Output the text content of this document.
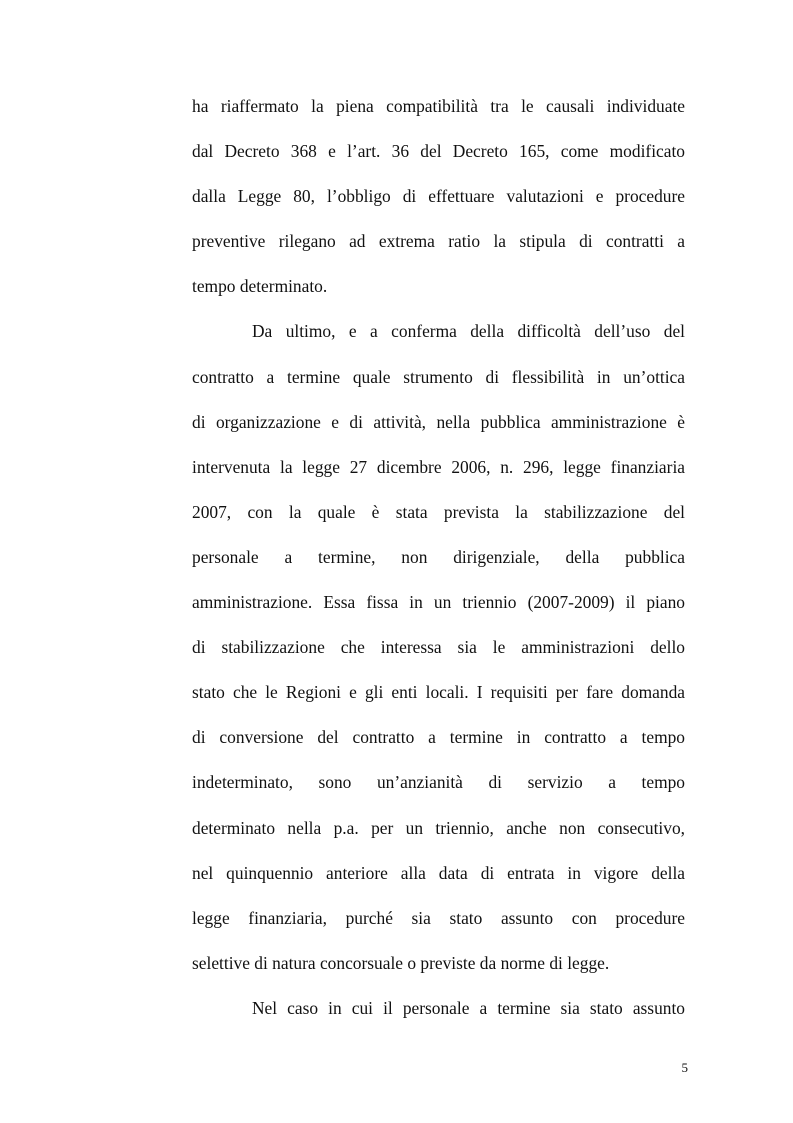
ha riaffermato la piena compatibilità tra le causali individuate
dal Decreto 368 e l’art. 36 del Decreto 165, come modificato
dalla Legge 80, l’obbligo di effettuare valutazioni e procedure
preventive rilegano ad extrema ratio la stipula di contratti a
tempo determinato.
Da ultimo, e a conferma della difficoltà dell’uso del
contratto a termine quale strumento di flessibilità in un’ottica
di organizzazione e di attività, nella pubblica amministrazione è
intervenuta la legge 27 dicembre 2006, n. 296, legge finanziaria
2007, con la quale è stata prevista la stabilizzazione del
personale a termine, non dirigenziale, della pubblica
amministrazione. Essa fissa in un triennio (2007-2009) il piano
di stabilizzazione che interessa sia le amministrazioni dello
stato che le Regioni e gli enti locali. I requisiti per fare domanda
di conversione del contratto a termine in contratto a tempo
indeterminato, sono un’anzianità di servizio a tempo
determinato nella p.a. per un triennio, anche non consecutivo,
nel quinquennio anteriore alla data di entrata in vigore della
legge finanziaria, purché sia stato assunto con procedure
selettive di natura concorsuale o previste da norme di legge.
Nel caso in cui il personale a termine sia stato assunto
5
